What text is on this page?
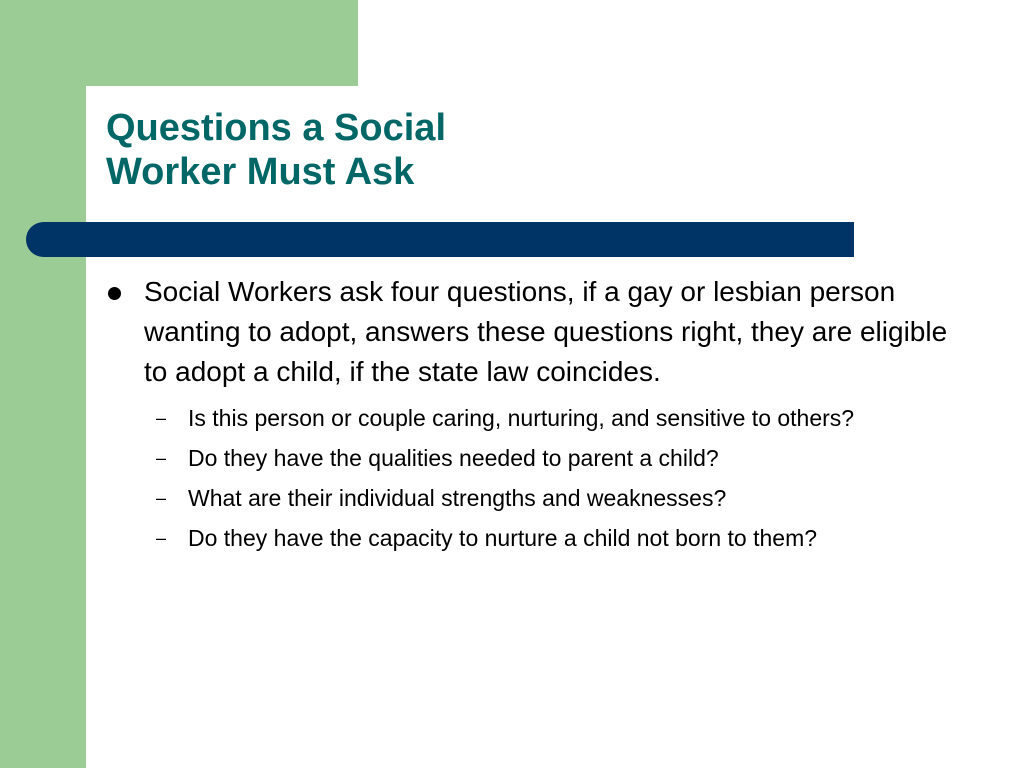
Questions a Social
Worker Must Ask
Social Workers ask four questions, if a gay or lesbian person wanting to adopt, answers these questions right, they are eligible to adopt a child, if the state law coincides.
– Is this person or couple caring, nurturing, and sensitive to others?
– Do they have the qualities needed to parent a child?
– What are their individual strengths and weaknesses?
– Do they have the capacity to nurture a child not born to them?
